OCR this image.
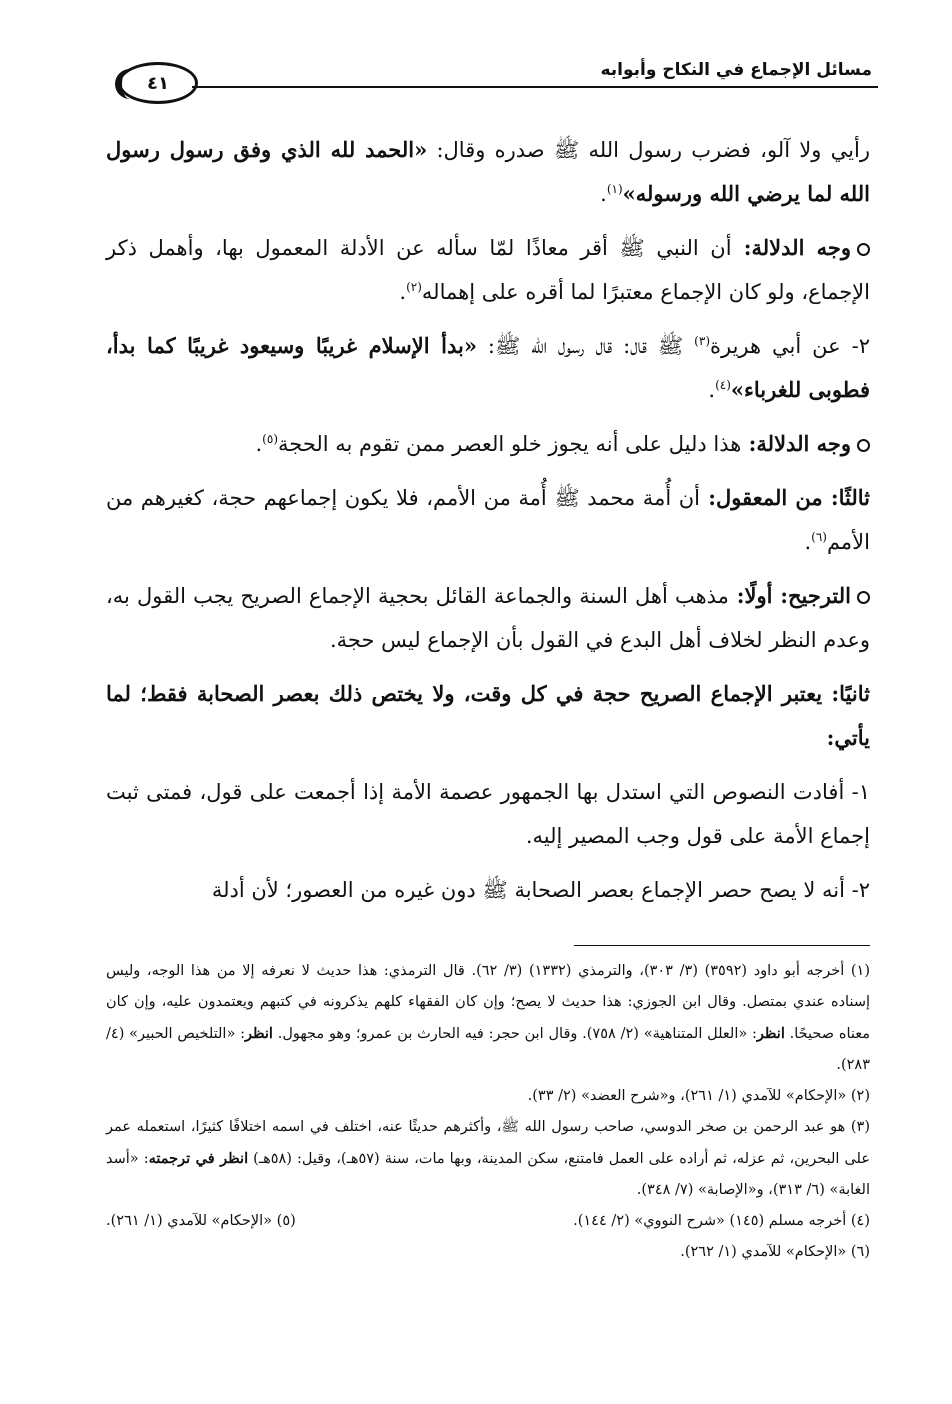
مسائل الإجماع في النكاح وأبوابه
٤١

رأيي ولا آلو، فضرب رسول الله ﷺ صدره وقال: «الحمد لله الذي وفق رسول رسول الله لما يرضي الله ورسوله»$^{(١)}$.

وجه الدلالة: أن النبي ﷺ أقر معاذًا لمّا سأله عن الأدلة المعمول بها، وأهمل ذكر الإجماع، ولو كان الإجماع معتبرًا لما أقره على إهماله$^{(٢)}$.

٢- عن أبي هريرة$^{(٣)}$ ﷺ قال: قال رسول الله ﷺ: «بدأ الإسلام غريبًا وسيعود غريبًا كما بدأ، فطوبى للغرباء»$^{(٤)}$.

وجه الدلالة: هذا دليل على أنه يجوز خلو العصر ممن تقوم به الحجة$^{(٥)}$.

ثالثًا: من المعقول: أن أُمة محمد ﷺ أُمة من الأمم، فلا يكون إجماعهم حجة، كغيرهم من الأمم$^{(٦)}$.

الترجيح: أولًا: مذهب أهل السنة والجماعة القائل بحجية الإجماع الصريح يجب القول به، وعدم النظر لخلاف أهل البدع في القول بأن الإجماع ليس حجة.

ثانيًا: يعتبر الإجماع الصريح حجة في كل وقت، ولا يختص ذلك بعصر الصحابة فقط؛ لما يأتي:

١- أفادت النصوص التي استدل بها الجمهور عصمة الأمة إذا أجمعت على قول، فمتى ثبت إجماع الأمة على قول وجب المصير إليه.

٢- أنه لا يصح حصر الإجماع بعصر الصحابة ﷺ دون غيره من العصور؛ لأن أدلة

(١) أخرجه أبو داود (٣٥٩٢) (٣/ ٣٠٣)، والترمذي (١٣٣٢) (٣/ ٦٢). قال الترمذي: هذا حديث لا نعرفه إلا من هذا الوجه، وليس إسناده عندي بمتصل. وقال ابن الجوزي: هذا حديث لا يصح؛ وإن كان الفقهاء كلهم يذكرونه في كتبهم ويعتمدون عليه، وإن كان معناه صحيحًا. انظر: «العلل المتناهية» (٢/ ٧٥٨). وقال ابن حجر: فيه الحارث بن عمرو؛ وهو مجهول. انظر: «التلخيص الحبير» (٤/ ٢٨٣).

(٢) «الإحكام» للآمدي (١/ ٢٦١)، و«شرح العضد» (٢/ ٣٣).

(٣) هو عبد الرحمن بن صخر الدوسي، صاحب رسول الله ﷺ، وأكثرهم حديثًا عنه، اختلف في اسمه اختلافًا كثيرًا، استعمله عمر على البحرين، ثم عزله، ثم أراده على العمل فامتنع، سكن المدينة، وبها مات، سنة (٥٧هـ)، وقيل: (٥٨هـ) انظر في ترجمته: «أسد الغابة» (٦/ ٣١٣)، و«الإصابة» (٧/ ٣٤٨).

(٤) أخرجه مسلم (١٤٥) «شرح النووي» (٢/ ١٤٤).
(٥) «الإحكام» للآمدي (١/ ٢٦١).

(٦) «الإحكام» للآمدي (١/ ٢٦٢).
